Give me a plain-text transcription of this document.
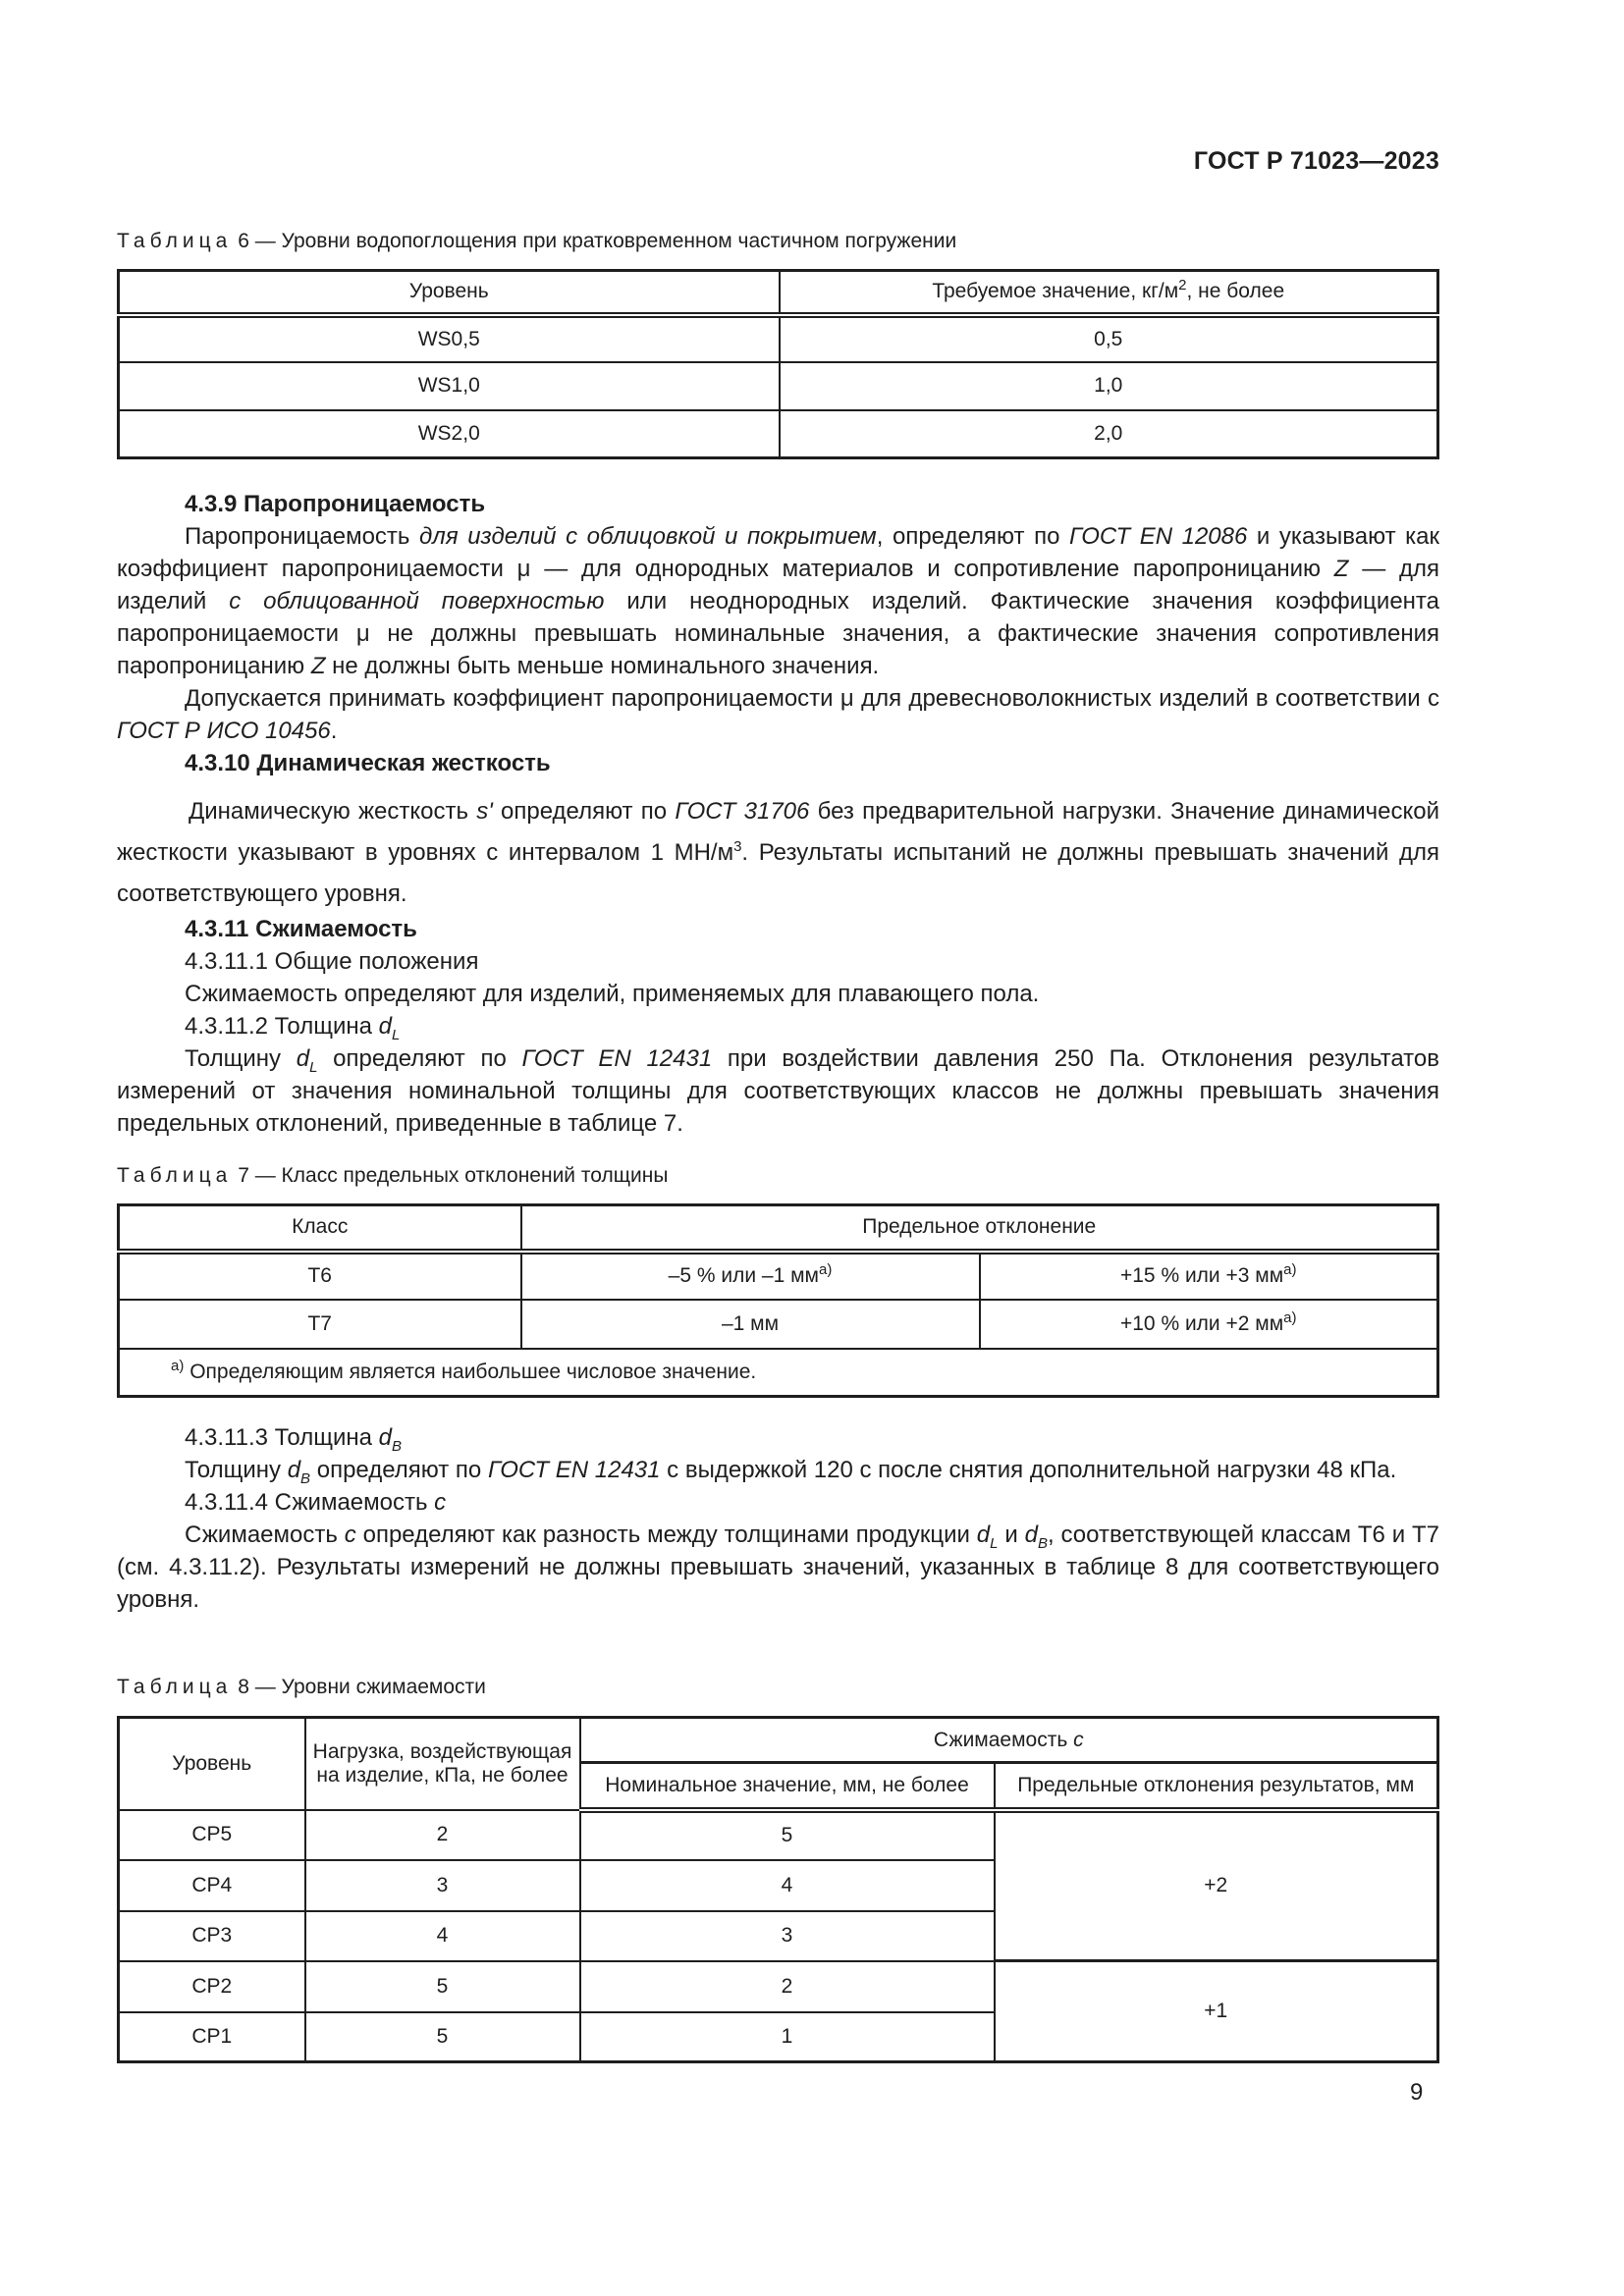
ГОСТ Р 71023—2023
Таблица 6 — Уровни водопоглощения при кратковременном частичном погружении
Уровень	Требуемое значение, $кг/м^2$, не более
WS0,5	0,5
WS1,0	1,0
WS2,0	2,0

4.3.9 Паропроницаемость

Паропроницаемость для изделий с облицовкой и покрытием, определяют по ГОСТ EN 12086 и указывают как коэффициент паропроницаемости μ — для однородных материалов и сопротивление паропроницанию Z — для изделий с облицованной поверхностью или неоднородных изделий. Фактические значения коэффициента паропроницаемости μ не должны превышать номинальные значения, а фактические значения сопротивления паропроницанию Z не должны быть меньше номинального значения.

Допускается принимать коэффициент паропроницаемости μ для древесноволокнистых изделий в соответствии с ГОСТ Р ИСО 10456.

4.3.10 Динамическая жесткость

Динамическую жесткость s' определяют по ГОСТ 31706 без предварительной нагрузки. Значение динамической жесткости указывают в уровнях с интервалом 1 $МН/м^3$. Результаты испытаний не должны превышать значений для соответствующего уровня.

4.3.11 Сжимаемость

4.3.11.1 Общие положения

Сжимаемость определяют для изделий, применяемых для плавающего пола.

4.3.11.2 Толщина $d_L$

Толщину $d_L$ определяют по ГОСТ EN 12431 при воздействии давления 250 Па. Отклонения результатов измерений от значения номинальной толщины для соответствующих классов не должны превышать значения предельных отклонений, приведенные в таблице 7.

Таблица 7 — Класс предельных отклонений толщины
Класс	Предельное отклонение	
Т6	–5 % или –1 $мм^{а)}$	+15 % или +3 $мм^{а)}$
Т7	–1 мм	+10 % или +2 $мм^{а)}$
$^{а)}$ Определяющим является наибольшее числовое значение.		

4.3.11.3 Толщина $d_B$

Толщину $d_B$ определяют по ГОСТ EN 12431 с выдержкой 120 с после снятия дополнительной нагрузки 48 кПа.

4.3.11.4 Сжимаемость c

Сжимаемость c определяют как разность между толщинами продукции $d_L$ и $d_B$, соответствующей классам Т6 и Т7 (см. 4.3.11.2). Результаты измерений не должны превышать значений, указанных в таблице 8 для соответствующего уровня.

Таблица 8 — Уровни сжимаемости
Уровень	Нагрузка, воздействующая на изделие, кПа, не более	Сжимаемость c	
		Номинальное значение, мм, не более	Предельные отклонения результатов, мм
CP5	2	5	+2
CP4	3	4	
CP3	4	3	
CP2	5	2	+1
CP1	5	1	
9
